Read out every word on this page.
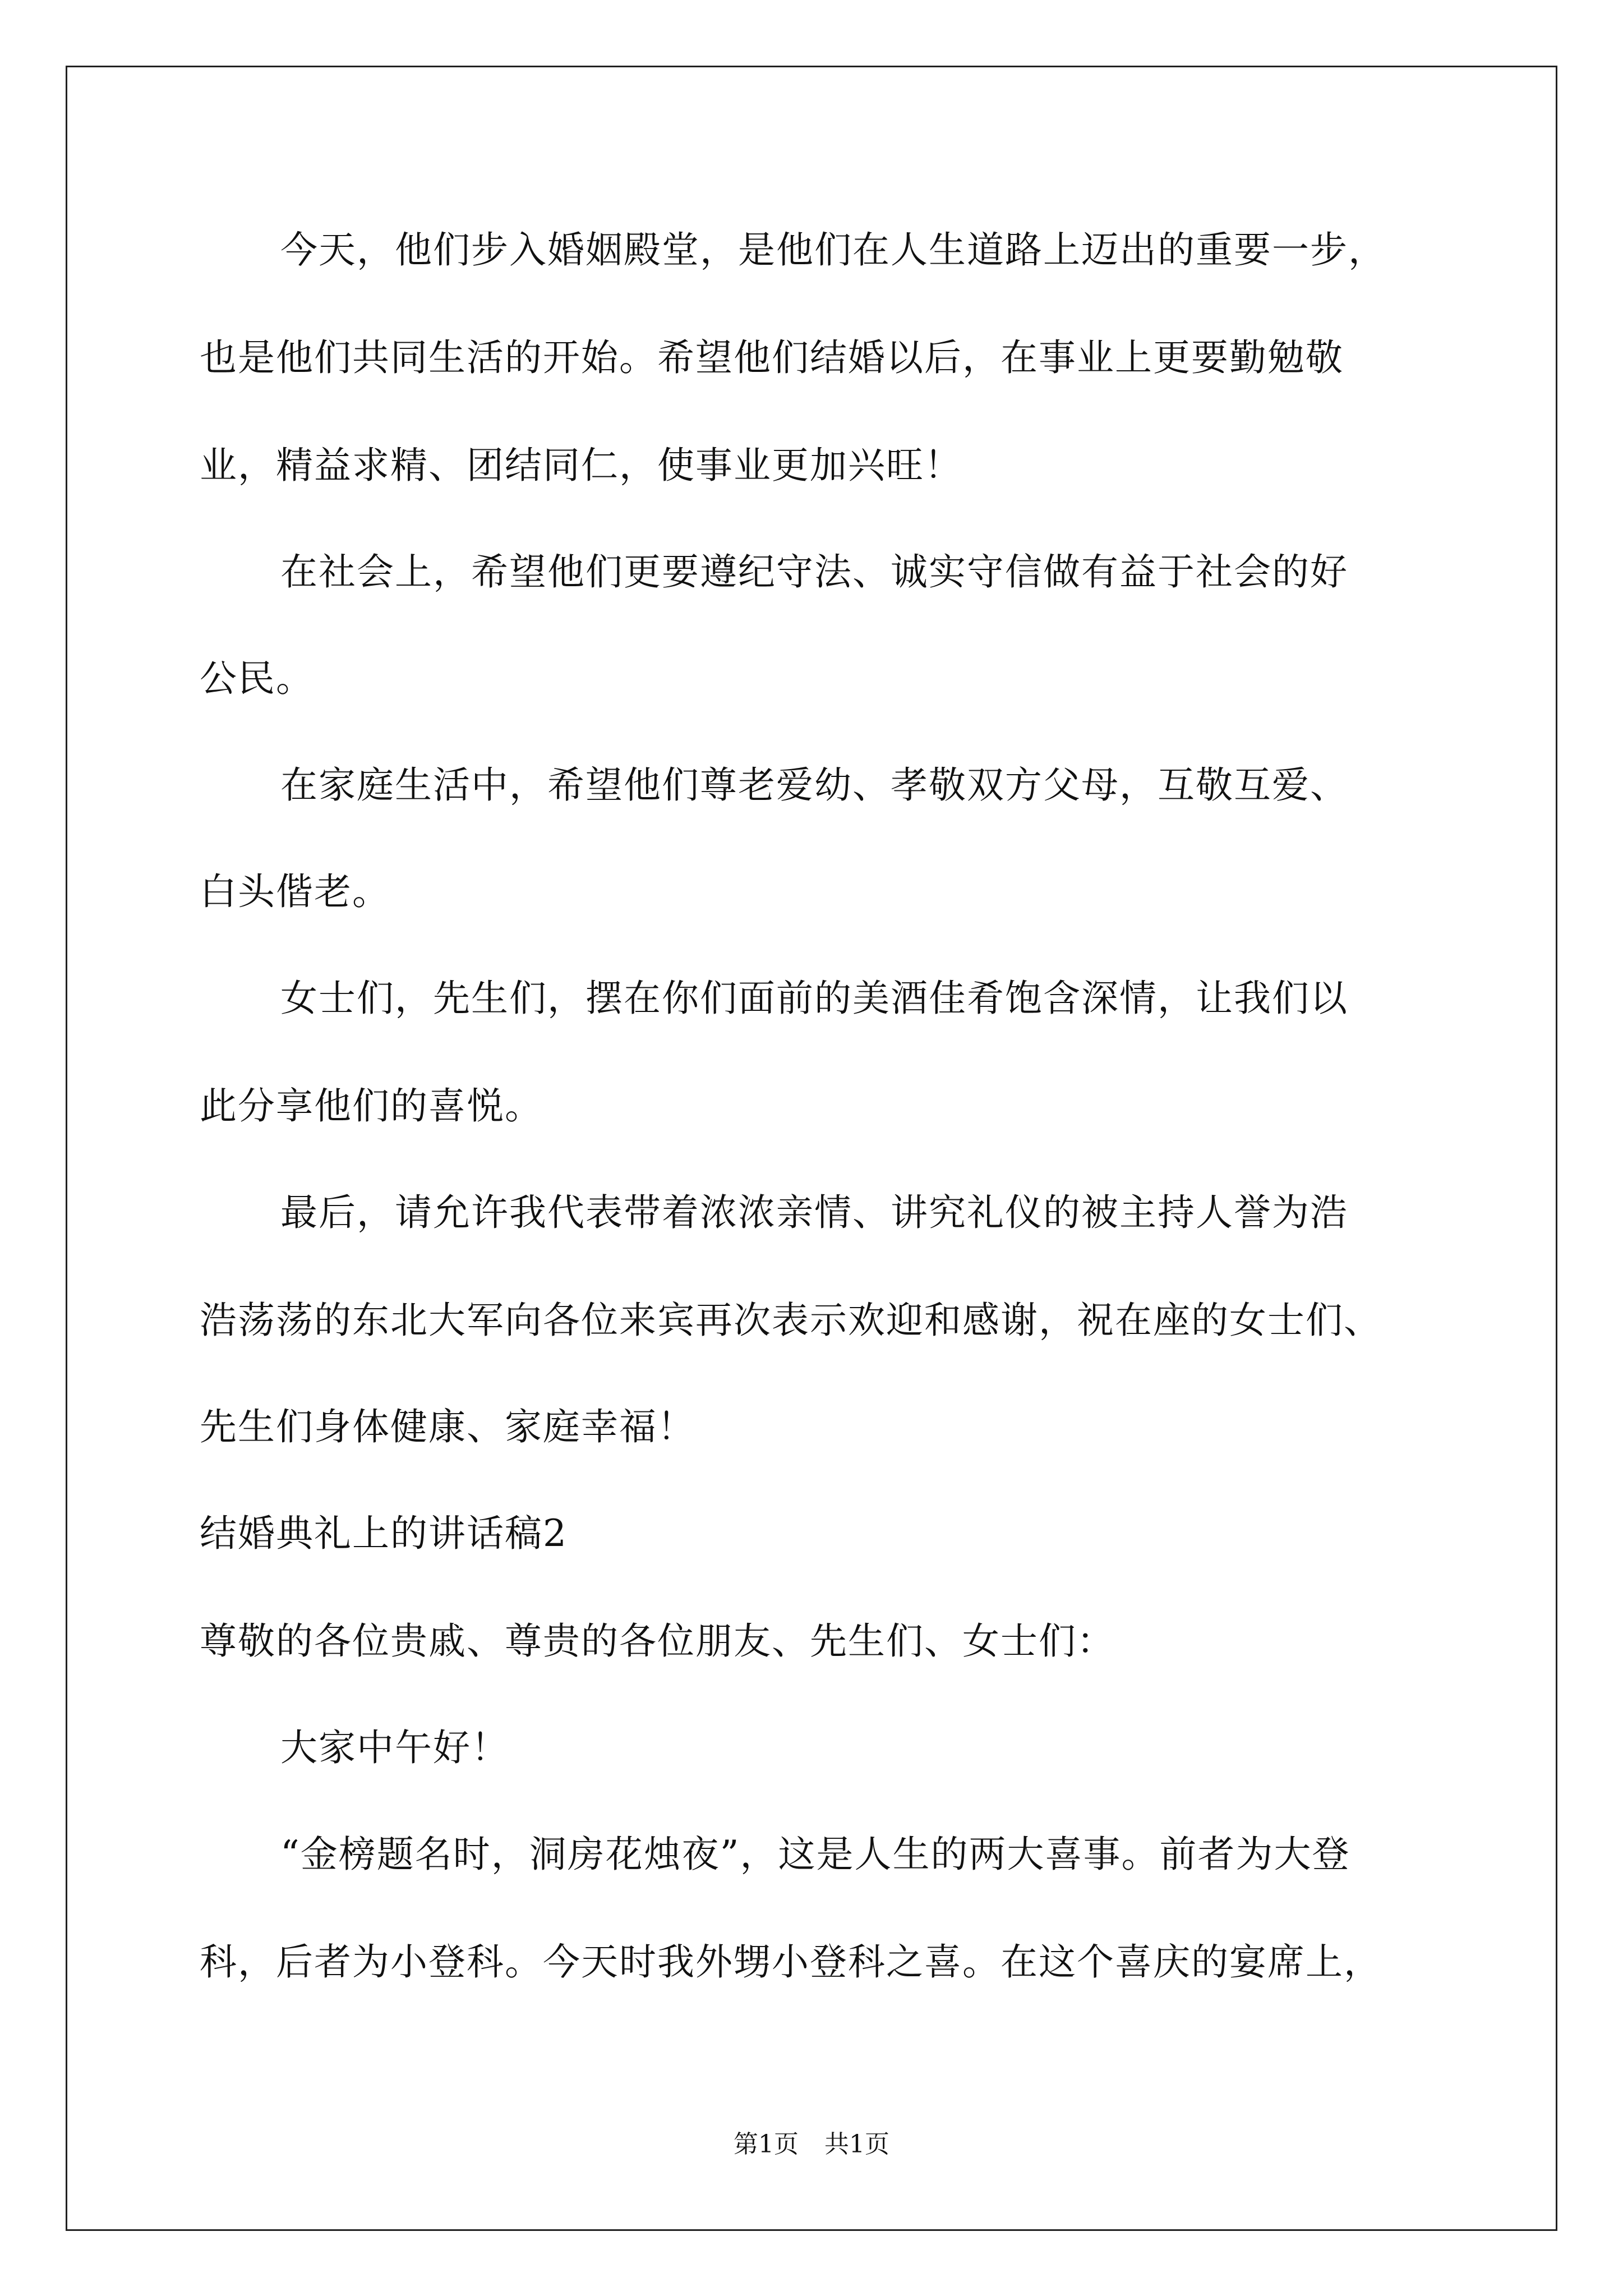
今天，他们步入婚姻殿堂，是他们在人生道路上迈出的重要一步，
也是他们共同生活的开始。希望他们结婚以后，在事业上更要勤勉敬
业，精益求精、团结同仁，使事业更加兴旺！
在社会上，希望他们更要遵纪守法、诚实守信做有益于社会的好
公民。
在家庭生活中，希望他们尊老爱幼、孝敬双方父母，互敬互爱、
白头偕老。
女士们，先生们，摆在你们面前的美酒佳肴饱含深情，让我们以
此分享他们的喜悦。
最后，请允许我代表带着浓浓亲情、讲究礼仪的被主持人誉为浩
浩荡荡的东北大军向各位来宾再次表示欢迎和感谢，祝在座的女士们、
先生们身体健康、家庭幸福！
结婚典礼上的讲话稿2
尊敬的各位贵戚、尊贵的各位朋友、先生们、女士们：
大家中午好！
“金榜题名时，洞房花烛夜”，这是人生的两大喜事。前者为大登
科，后者为小登科。今天时我外甥小登科之喜。在这个喜庆的宴席上，
第1页 共1页
